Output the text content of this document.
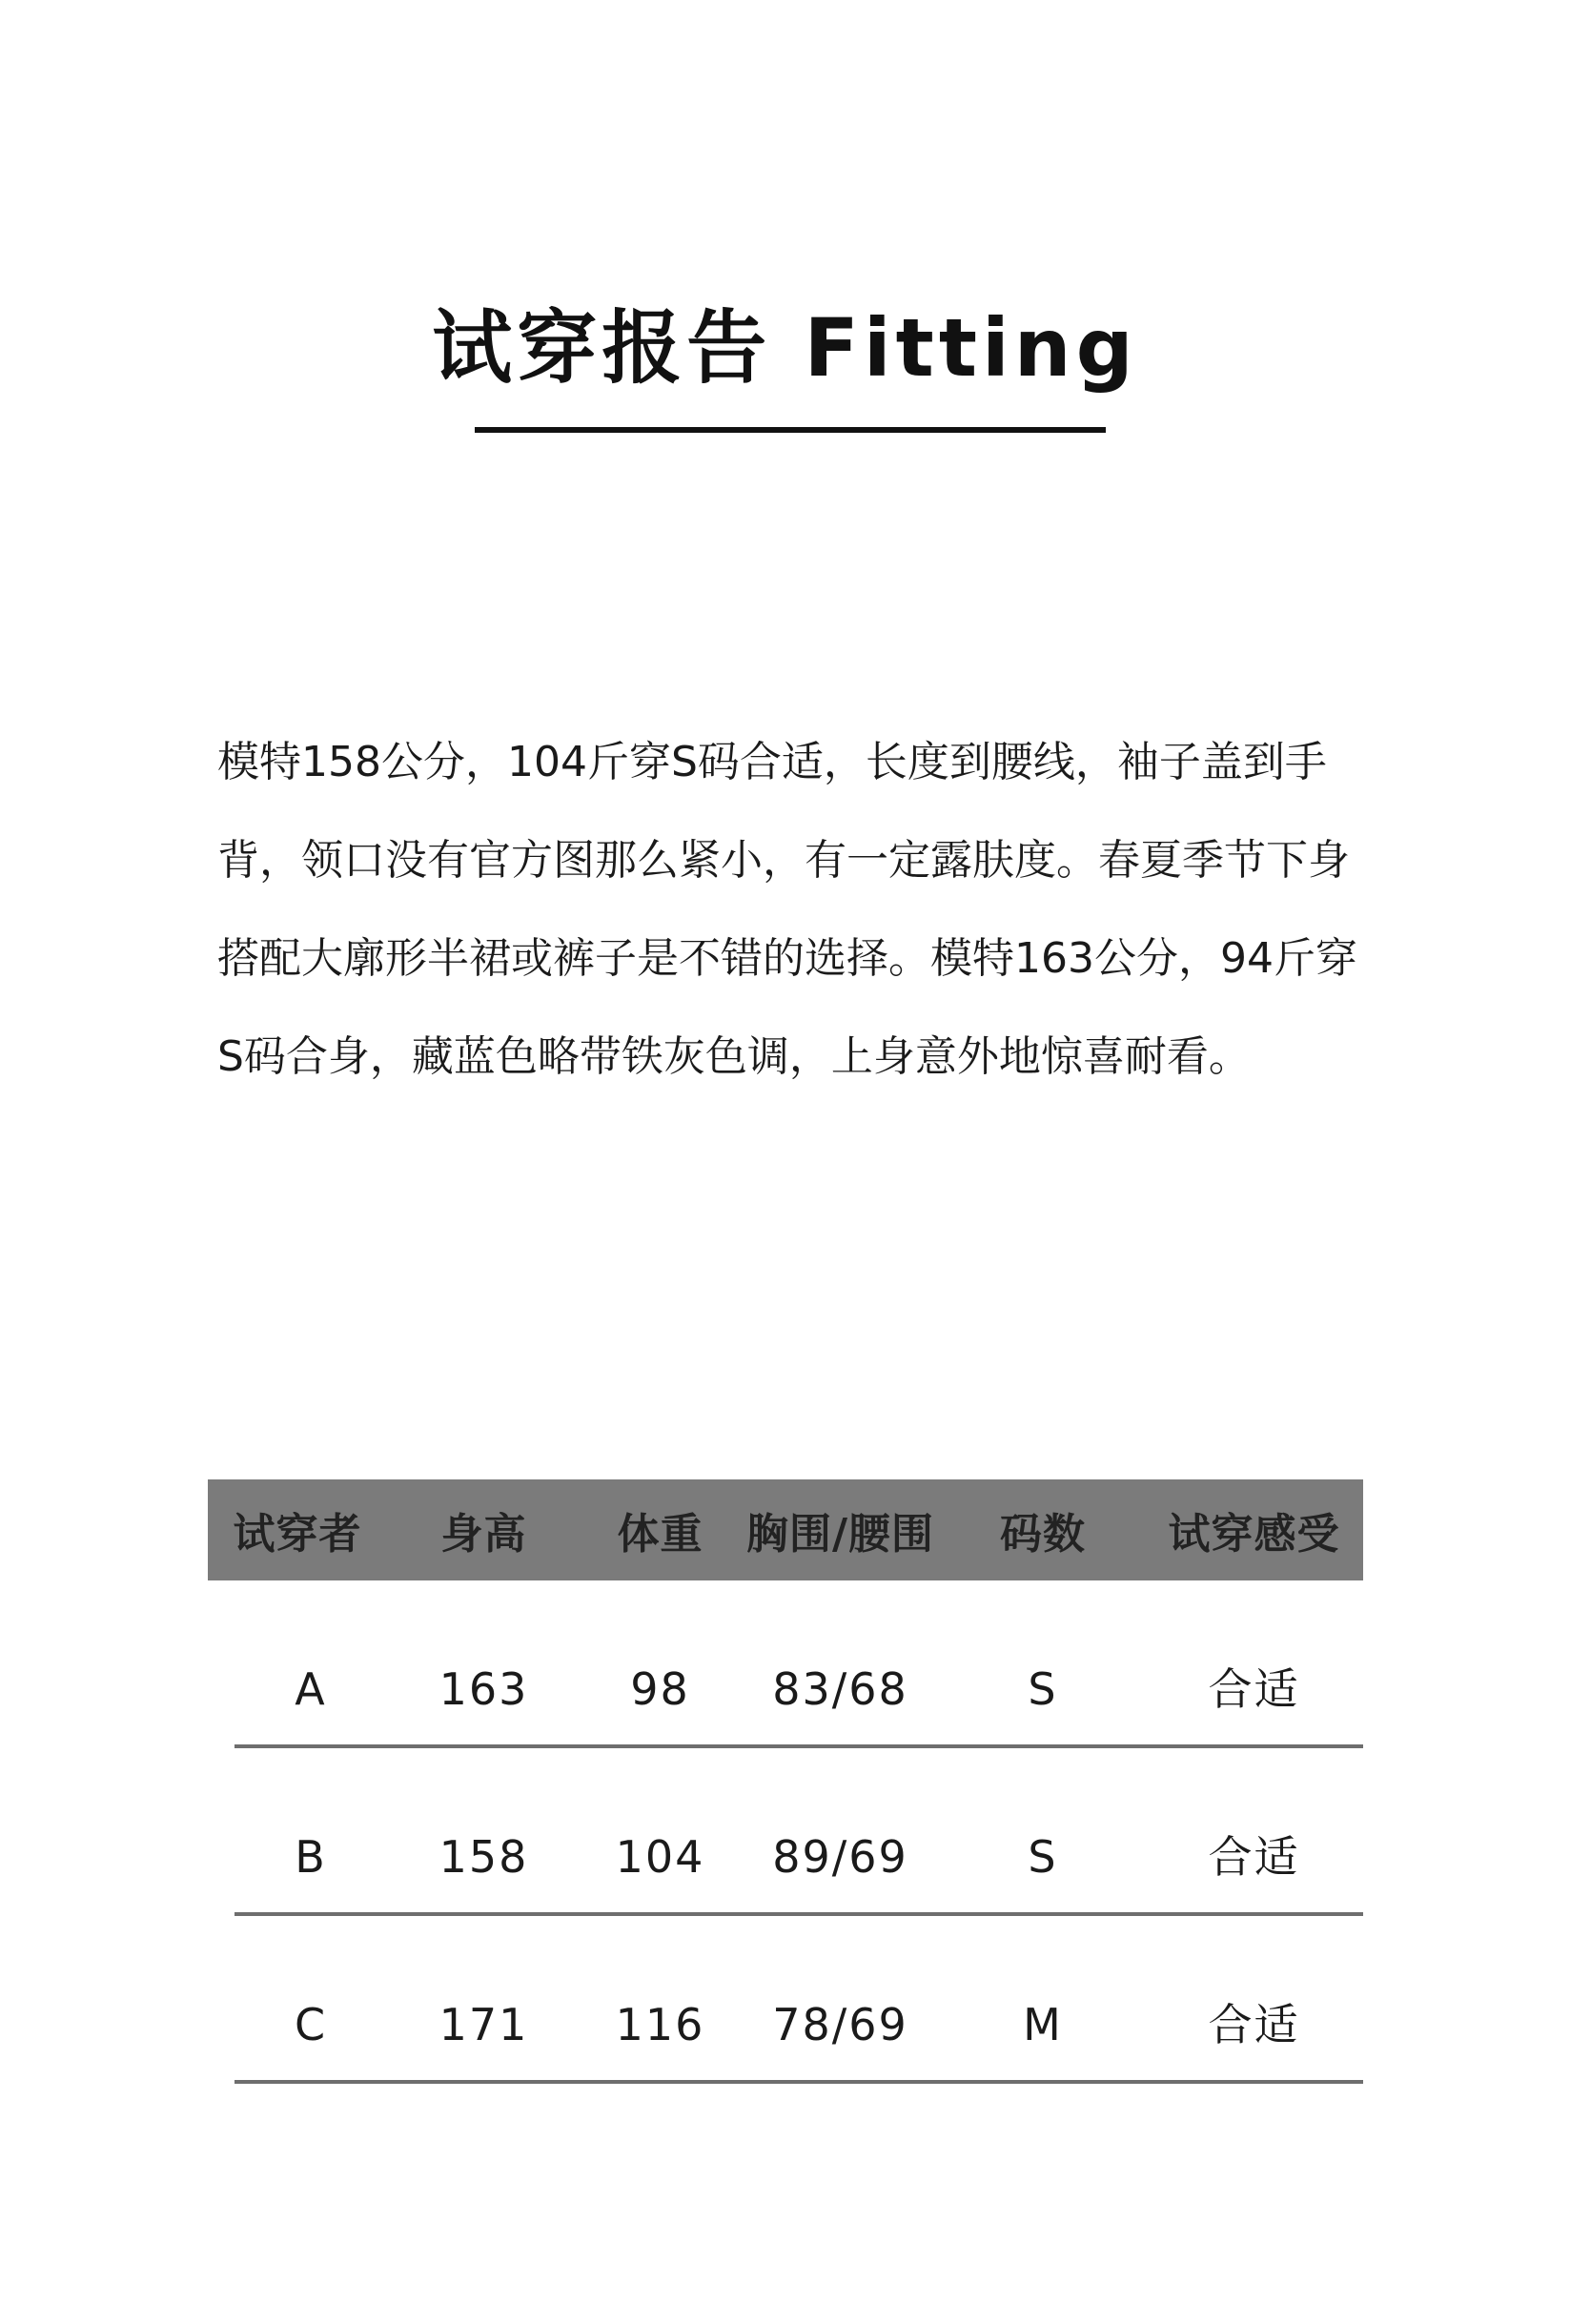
试穿报告 Fitting

模特158公分，104斤穿S码合适，长度到腰线，袖子盖到手背，领口没有官方图那么紧小，有一定露肤度。春夏季节下身搭配大廓形半裙或裤子是不错的选择。模特163公分，94斤穿S码合身，藏蓝色略带铁灰色调，上身意外地惊喜耐看。

试穿者	身高	体重	胸围/腰围	码数	试穿感受
A	163	98	83/68	S	合适
B	158	104	89/69	S	合适
C	171	116	78/69	M	合适
